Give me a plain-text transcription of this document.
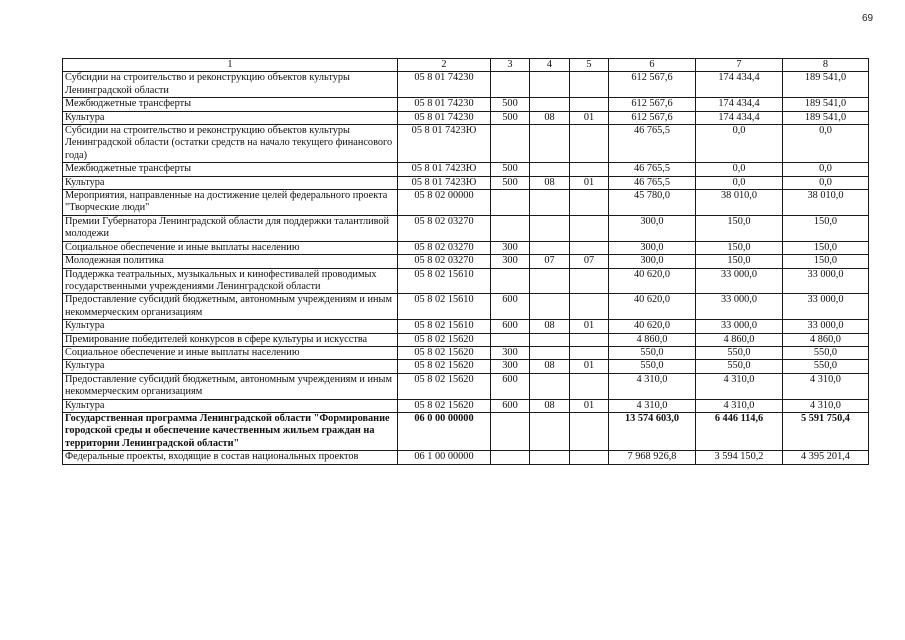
69
1	2	3	4	5	6	7	8
Субсидии на строительство и реконструкцию объектов культуры Ленинградской области	05 8 01 74230				612 567,6	174 434,4	189 541,0
Межбюджетные трансферты	05 8 01 74230	500			612 567,6	174 434,4	189 541,0
Культура	05 8 01 74230	500	08	01	612 567,6	174 434,4	189 541,0
Субсидии на строительство и реконструкцию объектов культуры Ленинградской области (остатки средств на начало текущего финансового года)	05 8 01 7423Ю				46 765,5	0,0	0,0
Межбюджетные трансферты	05 8 01 7423Ю	500			46 765,5	0,0	0,0
Культура	05 8 01 7423Ю	500	08	01	46 765,5	0,0	0,0
Мероприятия, направленные на достижение целей федерального проекта "Творческие люди"	05 8 02 00000				45 780,0	38 010,0	38 010,0
Премии Губернатора Ленинградской области для поддержки талантливой молодежи	05 8 02 03270				300,0	150,0	150,0
Социальное обеспечение и иные выплаты населению	05 8 02 03270	300			300,0	150,0	150,0
Молодежная политика	05 8 02 03270	300	07	07	300,0	150,0	150,0
Поддержка театральных, музыкальных и кинофестивалей проводимых государственными учреждениями Ленинградской области	05 8 02 15610				40 620,0	33 000,0	33 000,0
Предоставление субсидий бюджетным, автономным учреждениям и иным некоммерческим организациям	05 8 02 15610	600			40 620,0	33 000,0	33 000,0
Культура	05 8 02 15610	600	08	01	40 620,0	33 000,0	33 000,0
Премирование победителей конкурсов в сфере культуры и искусства	05 8 02 15620				4 860,0	4 860,0	4 860,0
Социальное обеспечение и иные выплаты населению	05 8 02 15620	300			550,0	550,0	550,0
Культура	05 8 02 15620	300	08	01	550,0	550,0	550,0
Предоставление субсидий бюджетным, автономным учреждениям и иным некоммерческим организациям	05 8 02 15620	600			4 310,0	4 310,0	4 310,0
Культура	05 8 02 15620	600	08	01	4 310,0	4 310,0	4 310,0
Государственная программа Ленинградской области "Формирование городской среды и обеспечение качественным жильем граждан на территории Ленинградской области"	06 0 00 00000				13 574 603,0	6 446 114,6	5 591 750,4
Федеральные проекты, входящие в состав национальных проектов	06 1 00 00000				7 968 926,8	3 594 150,2	4 395 201,4
